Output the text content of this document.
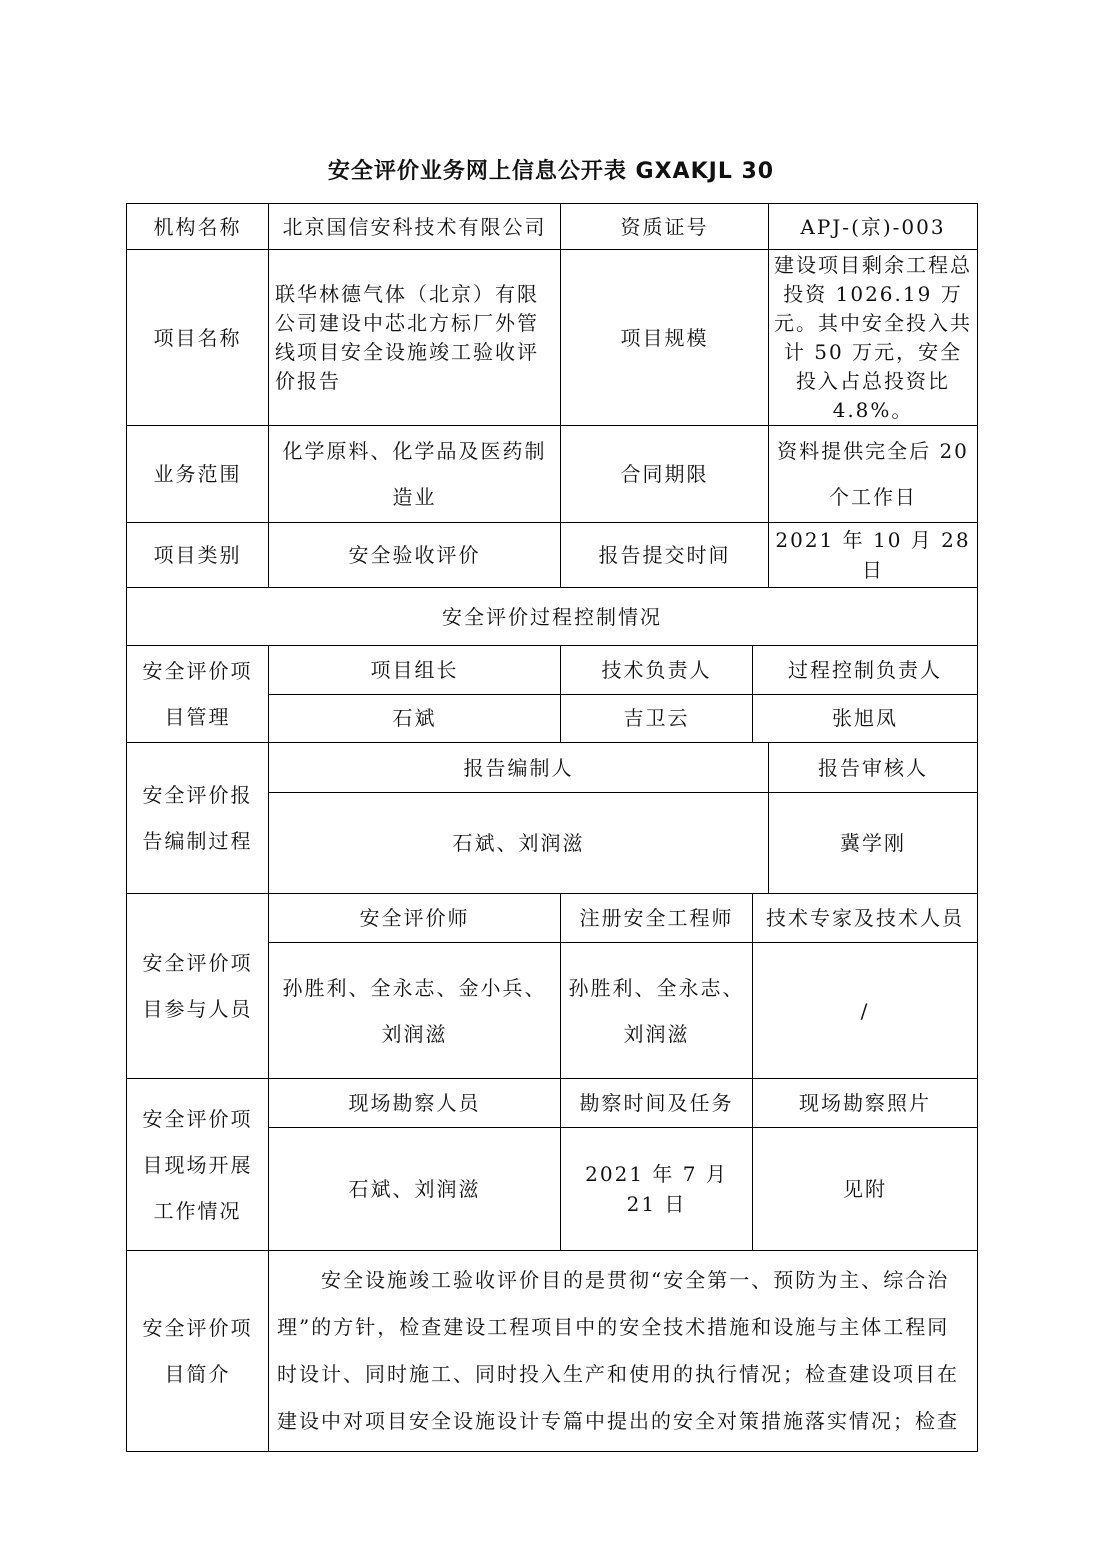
安全评价业务网上信息公开表 GXAKJL 30
机构名称	北京国信安科技术有限公司	资质证号		APJ-(京)-003
项目名称	联华林德气体（北京）有限公司建设中芯北方标厂外管线项目安全设施竣工验收评价报告	项目规模		建设项目剩余工程总投资 1026.19 万元。其中安全投入共计 50 万元，安全投入占总投资比 4.8%。
业务范围	化学原料、化学品及医药制造业	合同期限		资料提供完全后 20 个工作日
项目类别	安全验收评价	报告提交时间		2021 年 10 月 28 日
安全评价过程控制情况				
安全评价项目管理	项目组长	技术负责人	过程控制负责人	
	石斌	吉卫云	张旭凤	
安全评价报告编制过程	报告编制人			报告审核人
	石斌、刘润滋			冀学刚
安全评价项目参与人员	安全评价师	注册安全工程师	技术专家及技术人员	
	孙胜利、全永志、金小兵、刘润滋	孙胜利、全永志、刘润滋	/	
安全评价项目现场开展工作情况	现场勘察人员	勘察时间及任务	现场勘察照片	
	石斌、刘润滋	2021 年 7 月 21 日	见附	
安全评价项目简介	安全设施竣工验收评价目的是贯彻“安全第一、预防为主、综合治理”的方针，检查建设工程项目中的安全技术措施和设施与主体工程同时设计、同时施工、同时投入生产和使用的执行情况；检查建设项目在建设中对项目安全设施设计专篇中提出的安全对策措施落实情况；检查			
